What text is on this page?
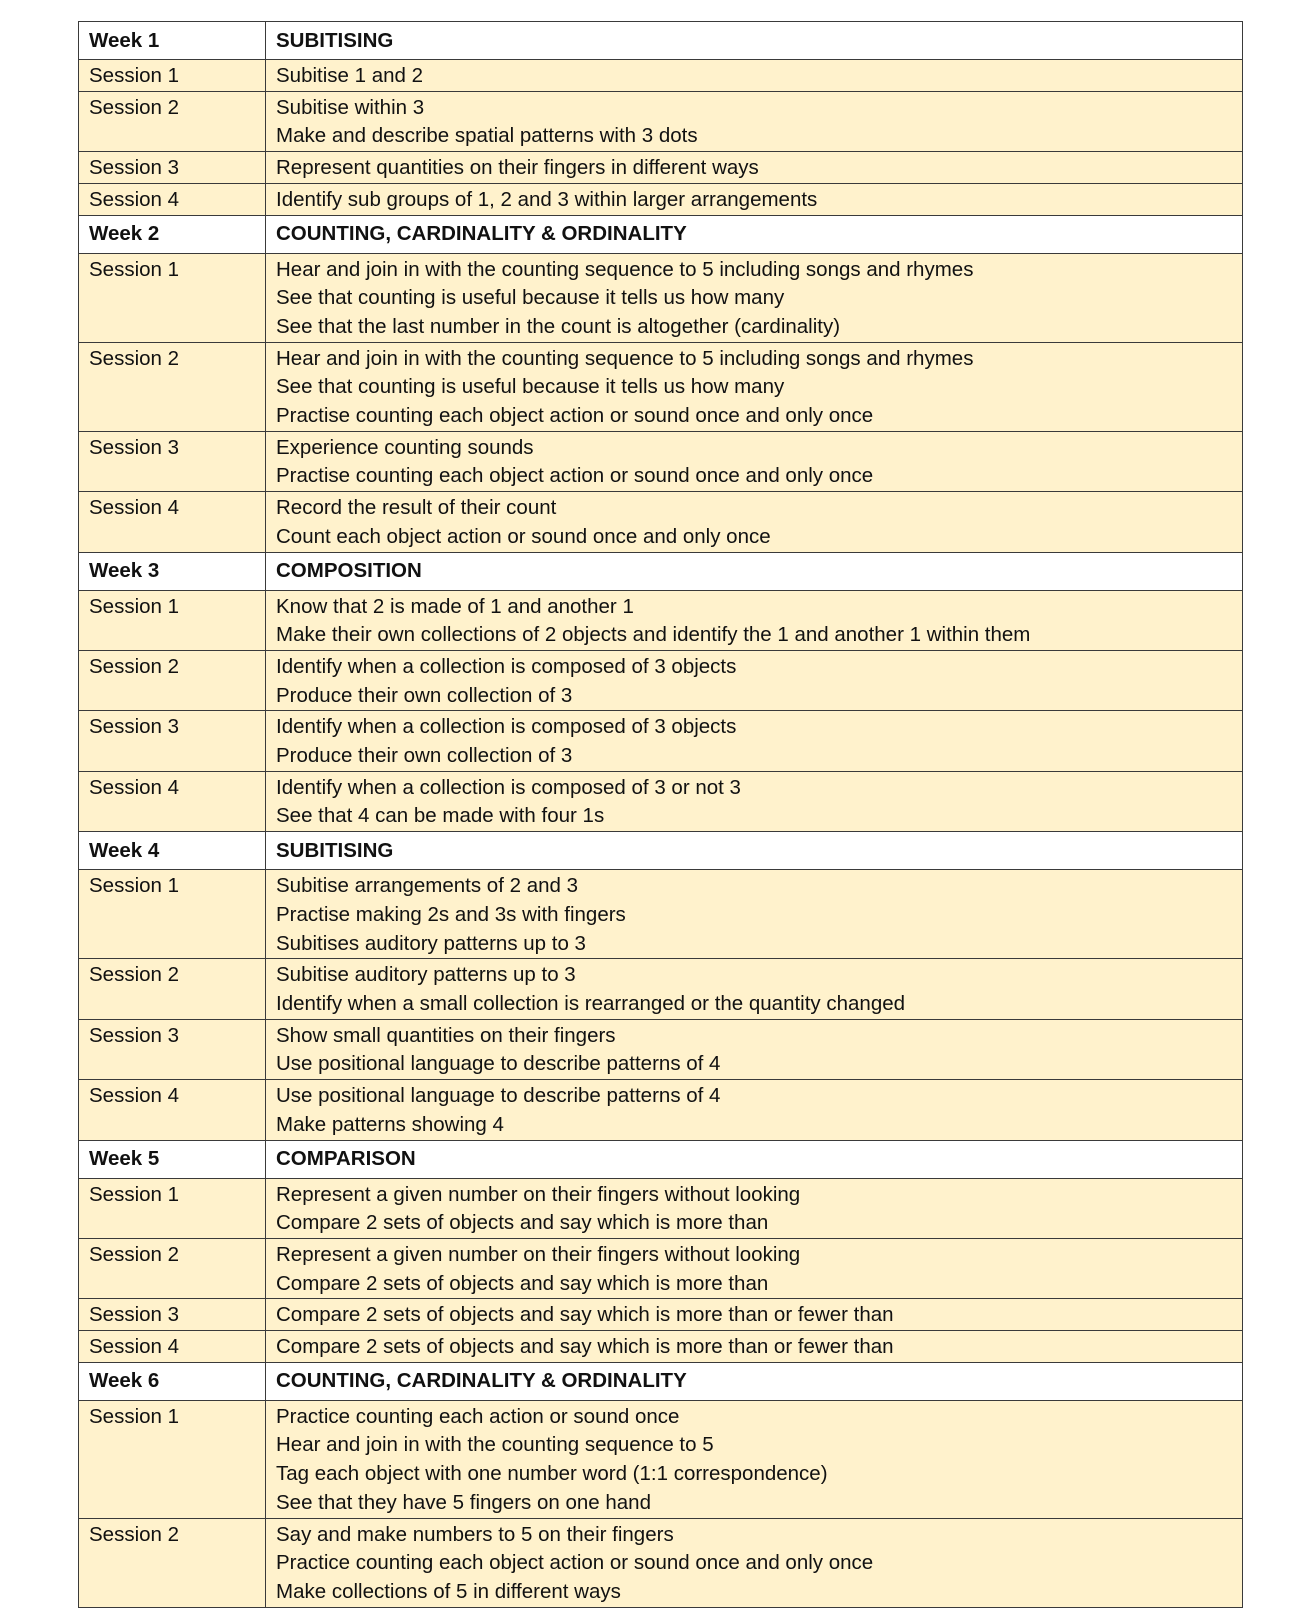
Week 1	SUBITISING
Session 1	Subitise 1 and 2

Session 2	Subitise within 3
Make and describe spatial patterns with 3 dots

Session 3	Represent quantities on their fingers in different ways

Session 4	Identify sub groups of 1, 2 and 3 within larger arrangements

Week 2	COUNTING, CARDINALITY & ORDINALITY
Session 1	Hear and join in with the counting sequence to 5 including songs and rhymes
See that counting is useful because it tells us how many
See that the last number in the count is altogether (cardinality)

Session 2	Hear and join in with the counting sequence to 5 including songs and rhymes
See that counting is useful because it tells us how many
Practise counting each object action or sound once and only once

Session 3	Experience counting sounds
Practise counting each object action or sound once and only once

Session 4	Record the result of their count
Count each object action or sound once and only once

Week 3	COMPOSITION
Session 1	Know that 2 is made of 1 and another 1
Make their own collections of 2 objects and identify the 1 and another 1 within them

Session 2	Identify when a collection is composed of 3 objects
Produce their own collection of 3

Session 3	Identify when a collection is composed of 3 objects
Produce their own collection of 3

Session 4	Identify when a collection is composed of 3 or not 3
See that 4 can be made with four 1s

Week 4	SUBITISING
Session 1	Subitise arrangements of 2 and 3
Practise making 2s and 3s with fingers
Subitises auditory patterns up to 3

Session 2	Subitise auditory patterns up to 3
Identify when a small collection is rearranged or the quantity changed

Session 3	Show small quantities on their fingers
Use positional language to describe patterns of 4

Session 4	Use positional language to describe patterns of 4
Make patterns showing 4

Week 5	COMPARISON
Session 1	Represent a given number on their fingers without looking
Compare 2 sets of objects and say which is more than

Session 2	Represent a given number on their fingers without looking
Compare 2 sets of objects and say which is more than

Session 3	Compare 2 sets of objects and say which is more than or fewer than

Session 4	Compare 2 sets of objects and say which is more than or fewer than

Week 6	COUNTING, CARDINALITY & ORDINALITY
Session 1	Practice counting each action or sound once
Hear and join in with the counting sequence to 5
Tag each object with one number word (1:1 correspondence)
See that they have 5 fingers on one hand

Session 2	Say and make numbers to 5 on their fingers
Practice counting each object action or sound once and only once
Make collections of 5 in different ways
